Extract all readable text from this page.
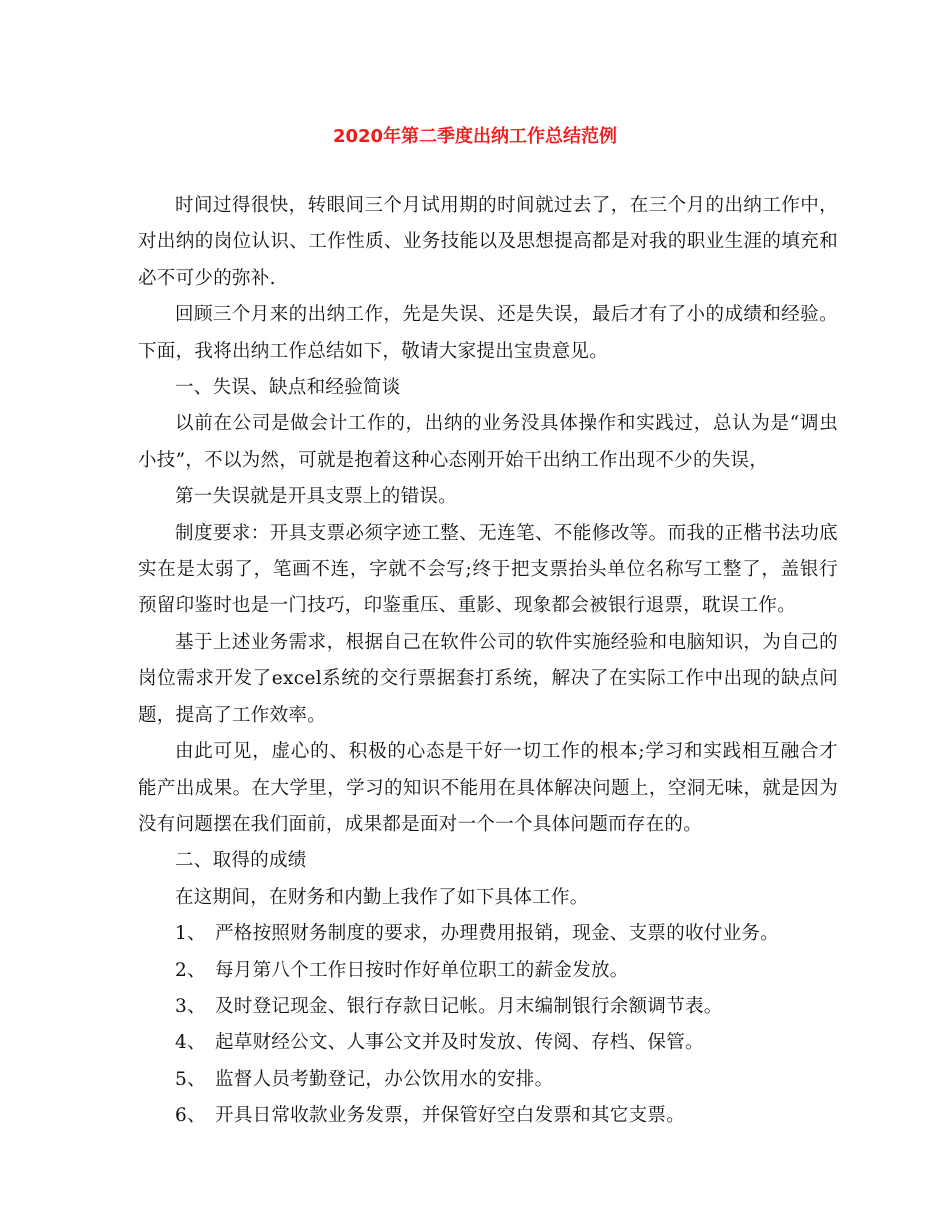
2020年第二季度出纳工作总结范例

时间过得很快，转眼间三个月试用期的时间就过去了，在三个月的出纳工作中，对出纳的岗位认识、工作性质、业务技能以及思想提高都是对我的职业生涯的填充和必不可少的弥补.

回顾三个月来的出纳工作，先是失误、还是失误，最后才有了小的成绩和经验。下面，我将出纳工作总结如下，敬请大家提出宝贵意见。

一、失误、缺点和经验简谈

以前在公司是做会计工作的，出纳的业务没具体操作和实践过，总认为是“调虫小技”，不以为然，可就是抱着这种心态刚开始干出纳工作出现不少的失误，

第一失误就是开具支票上的错误。

制度要求：开具支票必须字迹工整、无连笔、不能修改等。而我的正楷书法功底实在是太弱了，笔画不连，字就不会写;终于把支票抬头单位名称写工整了，盖银行预留印鉴时也是一门技巧，印鉴重压、重影、现象都会被银行退票，耽误工作。

基于上述业务需求，根据自己在软件公司的软件实施经验和电脑知识，为自己的岗位需求开发了excel系统的交行票据套打系统，解决了在实际工作中出现的缺点问题，提高了工作效率。

由此可见，虚心的、积极的心态是干好一切工作的根本;学习和实践相互融合才能产出成果。在大学里，学习的知识不能用在具体解决问题上，空洞无味，就是因为没有问题摆在我们面前，成果都是面对一个一个具体问题而存在的。

二、取得的成绩

在这期间，在财务和内勤上我作了如下具体工作。

1、 严格按照财务制度的要求，办理费用报销，现金、支票的收付业务。
2、 每月第八个工作日按时作好单位职工的薪金发放。
3、 及时登记现金、银行存款日记帐。月末编制银行余额调节表。
4、 起草财经公文、人事公文并及时发放、传阅、存档、保管。
5、 监督人员考勤登记，办公饮用水的安排。
6、 开具日常收款业务发票，并保管好空白发票和其它支票。
